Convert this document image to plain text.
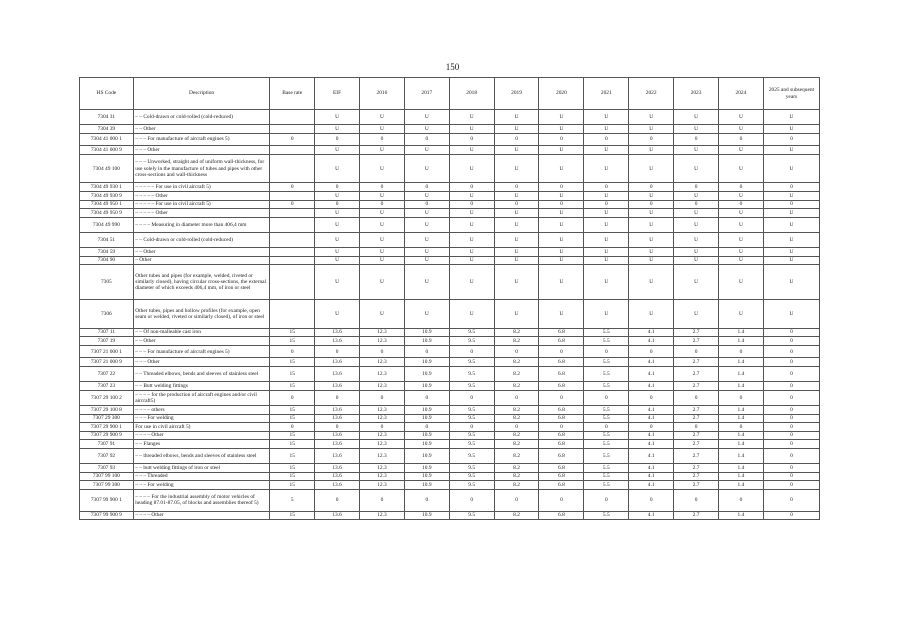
150
HS Code	Description	Base rate	EIF	2016	2017	2018	2019	2020	2021	2022	2023	2024	2025 and subsequent years
7304 31	– – Cold-drawn or cold-rolled (cold-reduced)		U	U	U	U	U	U	U	U	U	U	U
7304 39	– – Other		U	U	U	U	U	U	U	U	U	U	U
7304 41 000 1	– – – For manufacture of aircraft engines 5)	0	0	0	0	0	0	0	0	0	0	0	0
7304 41 000 9	– – – Other		U	U	U	U	U	U	U	U	U	U	U
7304 49 100	– – – Unworked, straight and of uniform wall-thickness, for use solely in the manufacture of tubes and pipes with other cross-sections and wall-thickness		U	U	U	U	U	U	U	U	U	U	U
7304 49 930 1	– – – – – For use in civil aircraft 5)	0	0	0	0	0	0	0	0	0	0	0	0
7304 49 930 9	– – – – – Other		U	U	U	U	U	U	U	U	U	U	U
7304 49 950 1	– – – – – For use in civil aircraft 5)	0	0	0	0	0	0	0	0	0	0	0	0
7304 49 950 9	– – – – – Other		U	U	U	U	U	U	U	U	U	U	U
7304 49 990	– – – – Measuring in diameter more than 406,4 mm		U	U	U	U	U	U	U	U	U	U	U
7304 51	– – Cold-drawn or cold-rolled (cold-reduced)		U	U	U	U	U	U	U	U	U	U	U
7304 59	– – Other		U	U	U	U	U	U	U	U	U	U	U
7304 90	– Other		U	U	U	U	U	U	U	U	U	U	U
7305	Other tubes and pipes (for example, welded, riveted or similarly closed), having circular cross-sections, the external diameter of which exceeds 406,4 mm, of iron or steel		U	U	U	U	U	U	U	U	U	U	U
7306	Other tubes, pipes and hollow profiles (for example, open seam or welded, riveted or similarly closed), of iron or steel		U	U	U	U	U	U	U	U	U	U	U
7307 11	– – Of non-malleable cast iron	15	13.6	12.3	10.9	9.5	8.2	6.8	5.5	4.1	2.7	1.4	0
7307 19	– – Other	15	13.6	12.3	10.9	9.5	8.2	6.8	5.5	4.1	2.7	1.4	0
7307 21 000 1	– – – For manufacture of aircraft engines 5)	0	0	0	0	0	0	0	0	0	0	0	0
7307 21 000 9	– – – Other	15	13.6	12.3	10.9	9.5	8.2	6.8	5.5	4.1	2.7	1.4	0
7307 22	– – Threaded elbows, bends and sleeves of stainless steel	15	13.6	12.3	10.9	9.5	8.2	6.8	5.5	4.1	2.7	1.4	0
7307 23	– – Butt welding fittings	15	13.6	12.3	10.9	9.5	8.2	6.8	5.5	4.1	2.7	1.4	0
7307 29 100 2	– – – – for the production of aircraft engines and/or civil aircraft5)	0	0	0	0	0	0	0	0	0	0	0	0
7307 29 100 8	– – – – others	15	13.6	12.3	10.9	9.5	8.2	6.8	5.5	4.1	2.7	1.4	0
7307 29 300	– – – For welding	15	13.6	12.3	10.9	9.5	8.2	6.8	5.5	4.1	2.7	1.4	0
7307 29 900 1	For use in civil aircraft 5)	0	0	0	0	0	0	0	0	0	0	0	0
7307 29 900 9	– – – – Other	15	13.6	12.3	10.9	9.5	8.2	6.8	5.5	4.1	2.7	1.4	0
7307 91	– – Flanges	15	13.6	12.3	10.9	9.5	8.2	6.8	5.5	4.1	2.7	1.4	0
7307 92	– – threaded elbows, bends and sleeves of stainless steel	15	13.6	12.3	10.9	9.5	8.2	6.8	5.5	4.1	2.7	1.4	0
7307 93	– – butt welding fittings of iron or steel	15	13.6	12.3	10.9	9.5	8.2	6.8	5.5	4.1	2.7	1.4	0
7307 99 100	– – – Threaded	15	13.6	12.3	10.9	9.5	8.2	6.8	5.5	4.1	2.7	1.4	0
7307 99 300	– – – For welding	15	13.6	12.3	10.9	9.5	8.2	6.8	5.5	4.1	2.7	1.4	0
7307 99 900 1	– – – – For the industrial assembly of motor vehicles of heading 87.01-87.05, of blocks and assemblies thereof 5)	5	0	0	0	0	0	0	0	0	0	0	0
7307 99 900 9	– – – – Other	15	13.6	12.3	10.9	9.5	8.2	6.8	5.5	4.1	2.7	1.4	0
